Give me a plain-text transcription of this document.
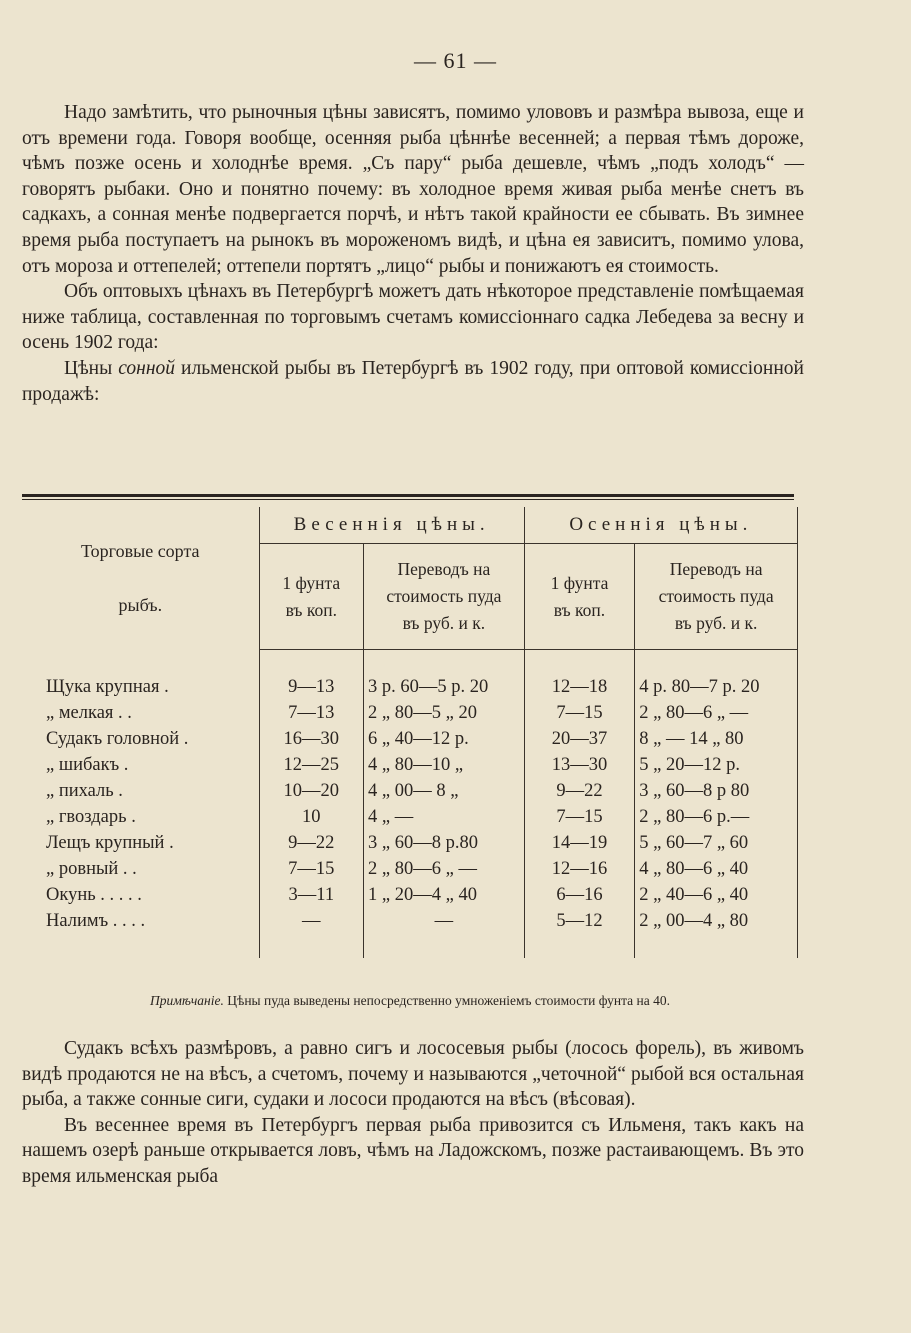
— 61 —

Надо замѣтить, что рыночныя цѣны зависятъ, помимо улововъ и размѣра вывоза, еще и отъ времени года. Говоря вообще, осенняя рыба цѣннѣе весенней; а первая тѣмъ дороже, чѣмъ позже осень и холоднѣе время. „Съ пару“ рыба дешевле, чѣмъ „подъ холодъ“ — говорятъ рыбаки. Оно и понятно почему: въ холодное время живая рыба менѣе снетъ въ садкахъ, а сонная менѣе подвергается порчѣ, и нѣтъ такой крайности ее сбывать. Въ зимнее время рыба поступаетъ на рынокъ въ мороженомъ видѣ, и цѣна ея зависитъ, помимо улова, отъ мороза и оттепелей; оттепели портятъ „лицо“ рыбы и понижаютъ ея стоимость.

Объ оптовыхъ цѣнахъ въ Петербургѣ можетъ дать нѣкоторое представленіе помѣщаемая ниже таблица, составленная по торговымъ счетамъ комиссіоннаго садка Лебедева за весну и осень 1902 года:

Цѣны сонной ильменской рыбы въ Петербургѣ въ 1902 году, при оптовой комиссіонной продажѣ:

Торговые сорта рыбъ.	Весеннія цѣны.		Осеннія цѣны.	

	1 фунта въ коп.	Переводъ на стоимость пуда въ руб. и к.	1 фунта въ коп.	Переводъ на стоимость пуда въ руб. и к.

Щука крупная .	9—13	3 р. 60—5 р. 20	12—18	4 р. 80—7 р. 20
„ мелкая . .	7—13	2 „ 80—5 „ 20	7—15	2 „ 80—6 „ —
Судакъ головной .	16—30	6 „ 40—12 р.	20—37	8 „ — 14 „ 80
„ шибакъ .	12—25	4 „ 80—10 „	13—30	5 „ 20—12 р.
„ пихаль .	10—20	4 „ 00— 8 „	9—22	3 „ 60—8 р 80
„ гвоздарь .	10	4 „ —	7—15	2 „ 80—6 р.—
Лещъ крупный .	9—22	3 „ 60—8 р.80	14—19	5 „ 60—7 „ 60
„ ровный . .	7—15	2 „ 80—6 „ —	12—16	4 „ 80—6 „ 40
Окунь . . . . .	3—11	1 „ 20—4 „ 40	6—16	2 „ 40—6 „ 40
Налимъ . . . .	—	—	5—12	2 „ 00—4 „ 80

Примѣчаніе. Цѣны пуда выведены непосредственно умноженіемъ стоимости фунта на 40.

Судакъ всѣхъ размѣровъ, а равно сигъ и лососевыя рыбы (лосось форель), въ живомъ видѣ продаются не на вѣсъ, а счетомъ, почему и называются „четочной“ рыбой вся остальная рыба, а также сонные сиги, судаки и лососи продаются на вѣсъ (вѣсовая).

Въ весеннее время въ Петербургъ первая рыба привозится съ Ильменя, такъ какъ на нашемъ озерѣ раньше открывается ловъ, чѣмъ на Ладожскомъ, позже растаивающемъ. Въ это время ильменская рыба
